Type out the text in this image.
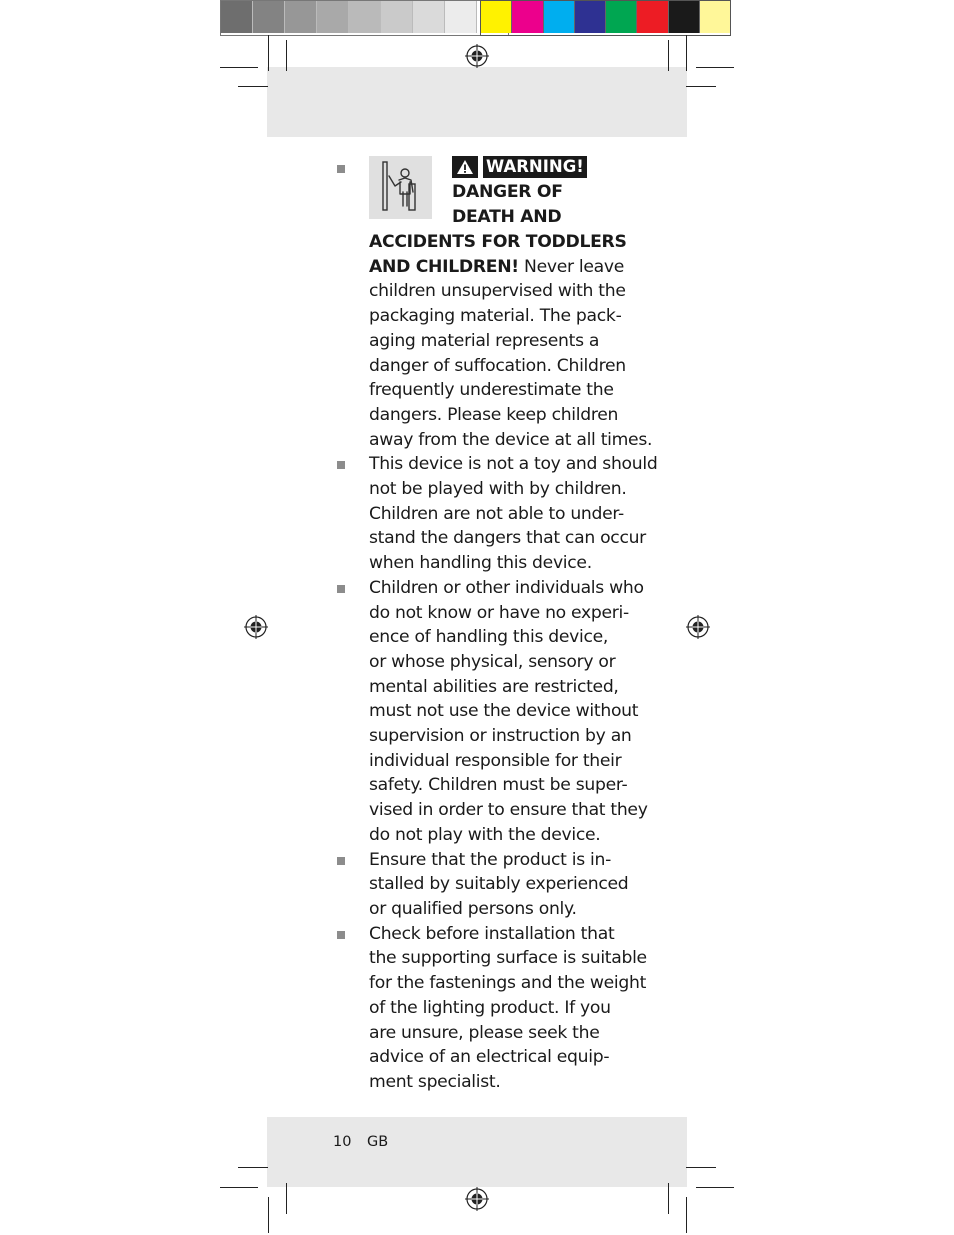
WARNING!
DANGER OF
DEATH AND
ACCIDENTS FOR TODDLERS
AND CHILDREN! Never leave
children unsupervised with the
packaging material. The pack-
aging material represents a
danger of suffocation. Children
frequently underestimate the
dangers. Please keep children
away from the device at all times.
This device is not a toy and should
not be played with by children.
Children are not able to under-
stand the dangers that can occur
when handling this device.
Children or other individuals who
do not know or have no experi-
ence of handling this device,
or whose physical, sensory or
mental abilities are restricted,
must not use the device without
supervision or instruction by an
individual responsible for their
safety. Children must be super-
vised in order to ensure that they
do not play with the device.
Ensure that the product is in-
stalled by suitably experienced
or qualified persons only.
Check before installation that
the supporting surface is suitable
for the fastenings and the weight
of the lighting product. If you
are unsure, please seek the
advice of an electrical equip-
ment specialist.
10 GB
